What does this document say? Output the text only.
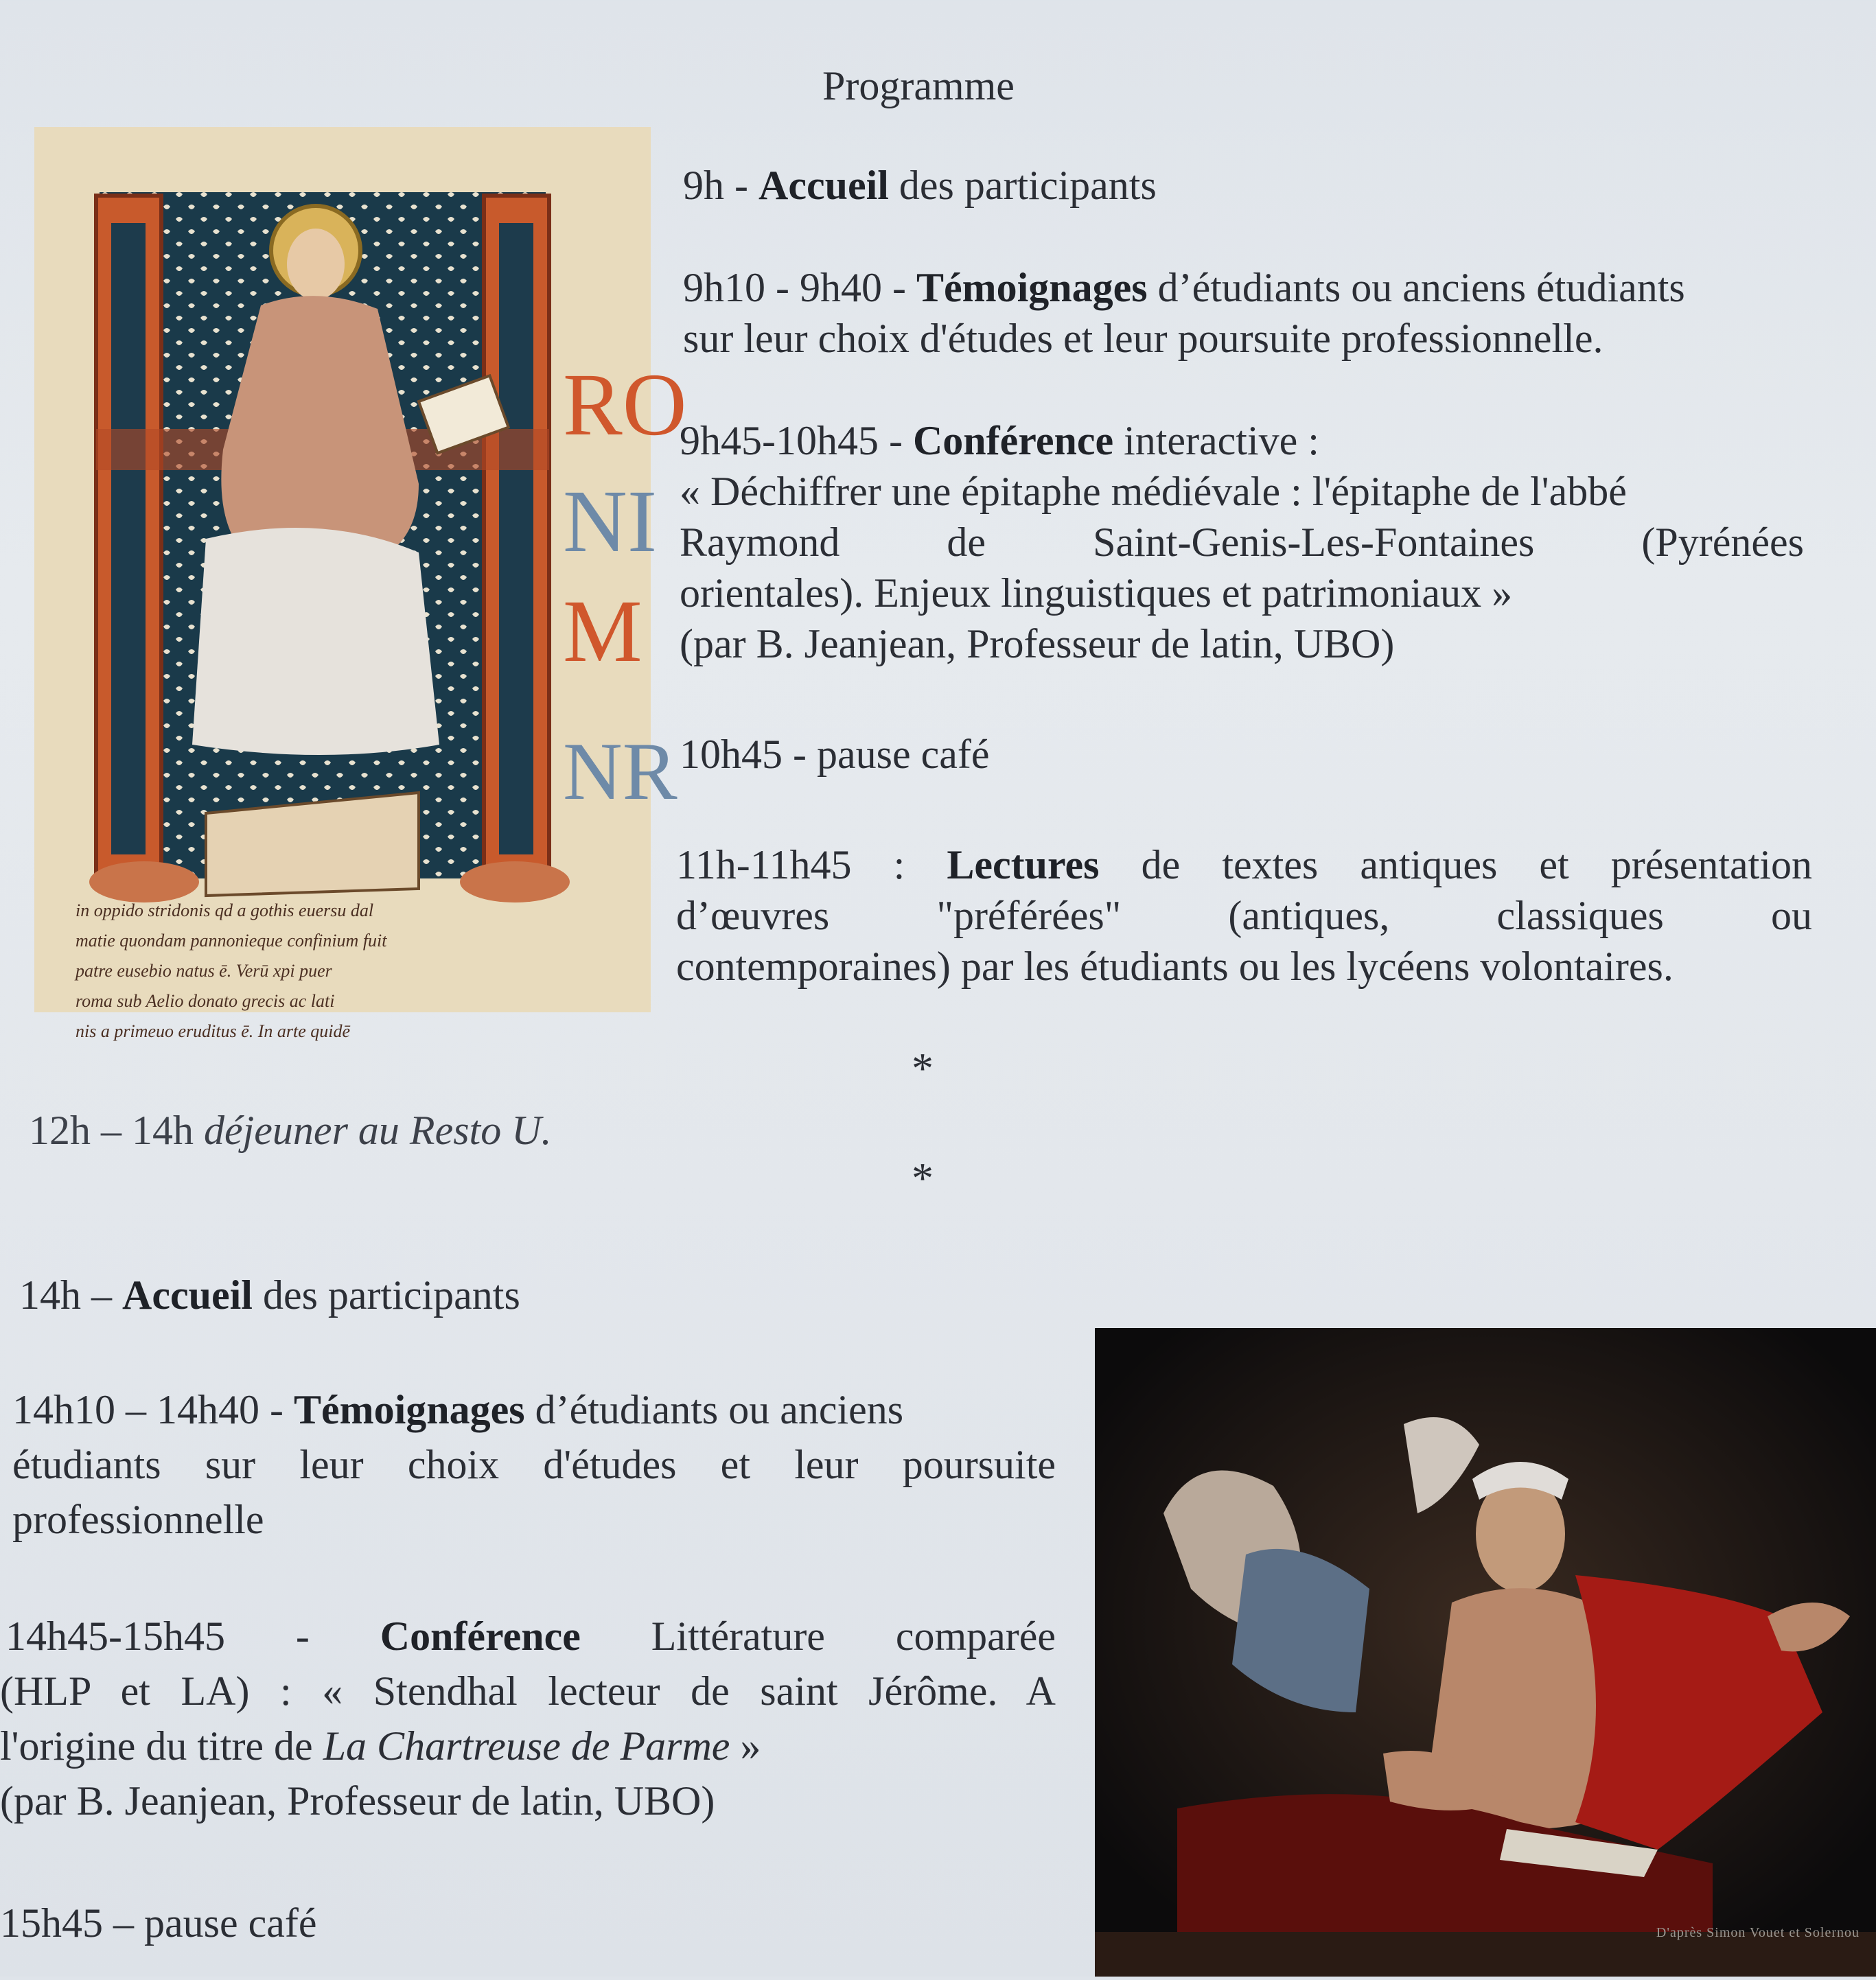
Programme
RO
NI
M
NR
in oppido stridonis qd a gothis euersu dal
matie quondam pannonieque confinium fuit
patre eusebio natus ē. Verū xpi puer
roma sub Aelio donato grecis ac lati
nis a primeuo eruditus ē. In arte quidē
9h - Accueil des participants
9h10 - 9h40 - Témoignages d’étudiants ou anciens étudiants
sur leur choix d'études et leur poursuite professionnelle.
9h45-10h45 - Conférence interactive :
« Déchiffrer une épitaphe médiévale : l'épitaphe de l'abbé
Raymond de Saint-Genis-Les-Fontaines (Pyrénées
orientales). Enjeux linguistiques et patrimoniaux »
(par B. Jeanjean, Professeur de latin, UBO)
10h45 - pause café
11h-11h45 : Lectures de textes antiques et présentation
d’œuvres "préférées" (antiques, classiques ou
contemporaines) par les étudiants ou les lycéens volontaires.
*
12h – 14h déjeuner au Resto U.
*
14h – Accueil des participants
14h10 – 14h40 - Témoignages d’étudiants ou anciens
étudiants sur leur choix d'études et leur poursuite
professionnelle
14h45-15h45 - Conférence Littérature comparée
(HLP et LA) : « Stendhal lecteur de saint Jérôme. A
l'origine du titre de La Chartreuse de Parme »
(par B. Jeanjean, Professeur de latin, UBO)
15h45 – pause café	D'après Simon Vouet et Solernou
